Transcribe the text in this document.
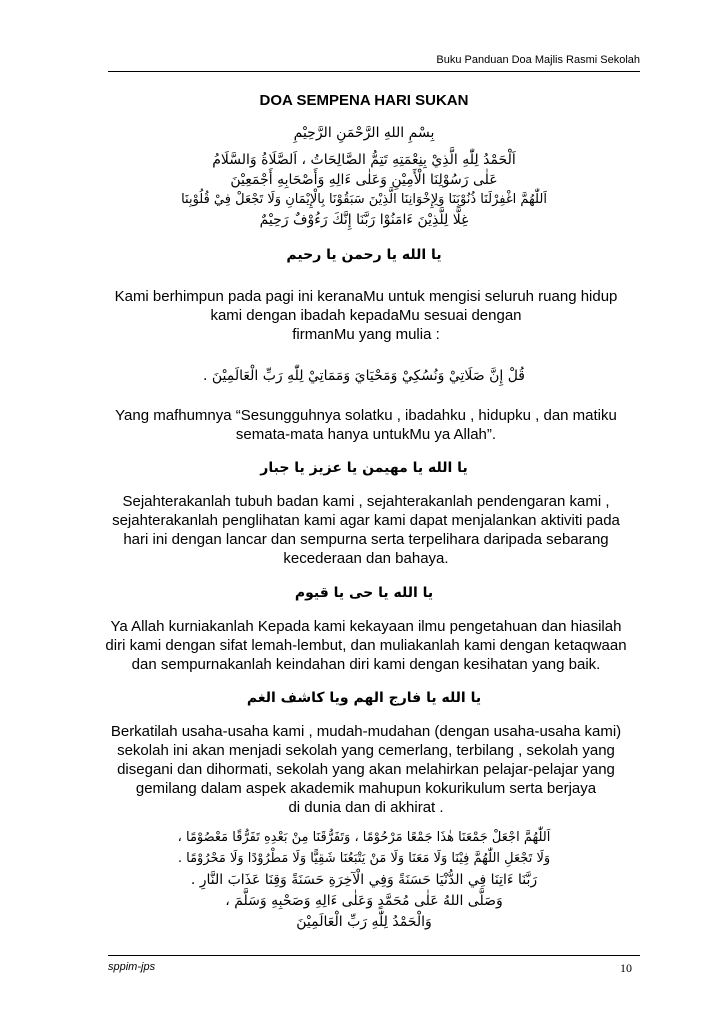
Buku Panduan Doa Majlis Rasmi Sekolah
DOA SEMPENA HARI SUKAN
بِسْمِ اللهِ الرَّحْمَنِ الرَّحِيْمِ
اَلْحَمْدُ لِلّٰهِ الَّذِيْ بِنِعْمَتِهِ تَتِمُّ الصَّالِحَاتُ ، اَلصَّلَاةُ وَالسَّلَامُ
عَلٰى رَسُوْلِنَا الْأَمِيْنِ وَعَلٰى ءَالِهِ وَأَصْحَابِهِ أَجْمَعِيْنَ
اَللّٰهُمَّ اغْفِرْلَنَا ذُنُوْبَنَا وَلِإِخْوَانِنَا الَّذِيْنَ سَبَقُوْنَا بِالْإِيْمَانِ وَلَا تَجْعَلْ فِيْ قُلُوْبِنَا
غِلًّا لِلَّذِيْنَ ءَامَنُوْا رَبَّنَا إِنَّكَ رَءُوْفٌ رَحِيْمٌ
يا الله يا رحمن يا رحيم
Kami berhimpun pada pagi ini keranaMu untuk mengisi seluruh ruang hidup
kami dengan ibadah kepadaMu sesuai dengan
firmanMu yang mulia :
قُلْ إِنَّ صَلَاتِيْ وَنُسُكِيْ وَمَحْيَايَ وَمَمَاتِيْ لِلّٰهِ رَبِّ الْعَالَمِيْنَ .
Yang mafhumnya “Sesungguhnya solatku , ibadahku , hidupku , dan matiku
semata-mata hanya untukMu ya Allah”.
يا الله يا مهيمن يا عزيز يا جبار
Sejahterakanlah tubuh badan kami , sejahterakanlah pendengaran kami ,
sejahterakanlah penglihatan kami agar kami dapat menjalankan aktiviti pada
hari ini dengan lancar dan sempurna serta terpelihara daripada sebarang
kecederaan dan bahaya.
يا الله يا حى يا قيوم
Ya Allah kurniakanlah Kepada kami kekayaan ilmu pengetahuan dan hiasilah
diri kami dengan sifat lemah-lembut, dan muliakanlah kami dengan ketaqwaan
dan sempurnakanlah keindahan diri kami dengan kesihatan yang baik.
يا الله يا فارج الهم ويا كاشف الغم
Berkatilah usaha-usaha kami , mudah-mudahan (dengan usaha-usaha kami)
sekolah ini akan menjadi sekolah yang cemerlang, terbilang , sekolah yang
disegani dan dihormati, sekolah yang akan melahirkan pelajar-pelajar yang
gemilang dalam aspek akademik mahupun kokurikulum serta berjaya
di dunia dan di akhirat .
اَللّٰهُمَّ اجْعَلْ جَمْعَنَا هٰذَا جَمْعًا مَرْحُوْمًا ، وَتَفَرُّقَنَا مِنْ بَعْدِهِ تَفَرُّقًا مَعْصُوْمًا ،
وَلَا تَجْعَلِ اللّٰهُمَّ فِيْنَا وَلَا مَعَنَا وَلَا مَنْ يَتْبَعُنَا شَقِيًّا وَلَا مَطْرُوْدًا وَلَا مَحْرُوْمًا .
رَبَّنَا ءَاتِنَا فِي الدُّنْيَا حَسَنَةً وَفِي الْآخِرَةِ حَسَنَةً وَقِنَا عَذَابَ النَّارِ .
وَصَلَّى اللهُ عَلٰى مُحَمَّدٍ وَعَلٰى ءَالِهِ وَصَحْبِهِ وَسَلَّمَ ،
وَالْحَمْدُ لِلّٰهِ رَبِّ الْعَالَمِيْنَ
sppim-jps	10
